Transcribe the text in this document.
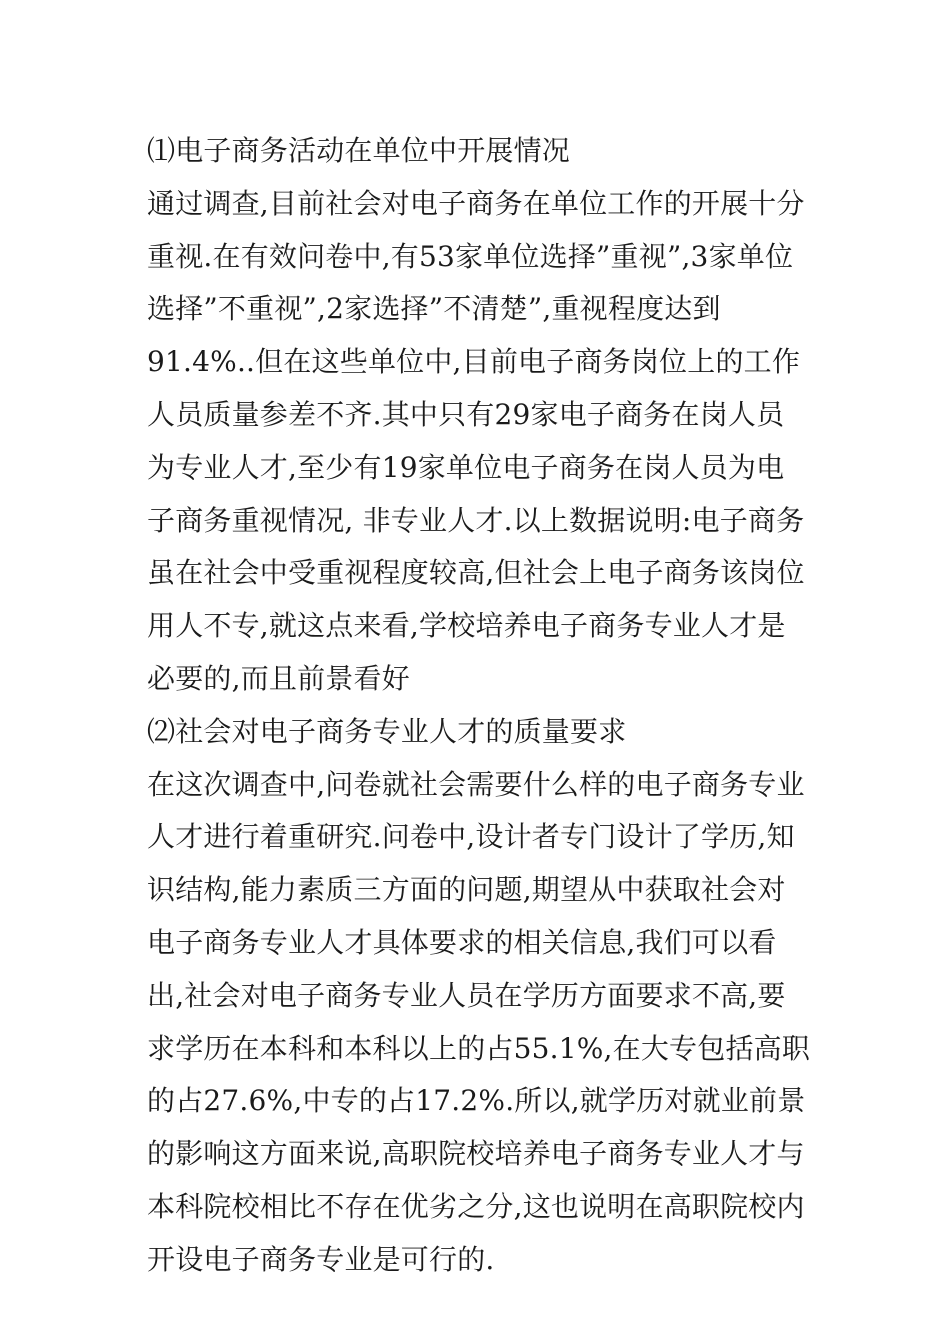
⑴电子商务活动在单位中开展情况

通过调查,目前社会对电子商务在单位工作的开展十分重视.在有效问卷中,有53家单位选择”重视”,3家单位选择”不重视”,2家选择”不清楚”,重视程度达到91.4%..但在这些单位中,目前电子商务岗位上的工作人员质量参差不齐.其中只有29家电子商务在岗人员为专业人才,至少有19家单位电子商务在岗人员为电子商务重视情况, 非专业人才.以上数据说明:电子商务虽在社会中受重视程度较高,但社会上电子商务该岗位用人不专,就这点来看,学校培养电子商务专业人才是必要的,而且前景看好

⑵社会对电子商务专业人才的质量要求

在这次调查中,问卷就社会需要什么样的电子商务专业人才进行着重研究.问卷中,设计者专门设计了学历,知识结构,能力素质三方面的问题,期望从中获取社会对电子商务专业人才具体要求的相关信息,我们可以看出,社会对电子商务专业人员在学历方面要求不高,要求学历在本科和本科以上的占55.1%,在大专包括高职的占27.6%,中专的占17.2%.所以,就学历对就业前景的影响这方面来说,高职院校培养电子商务专业人才与本科院校相比不存在优劣之分,这也说明在高职院校内开设电子商务专业是可行的.
